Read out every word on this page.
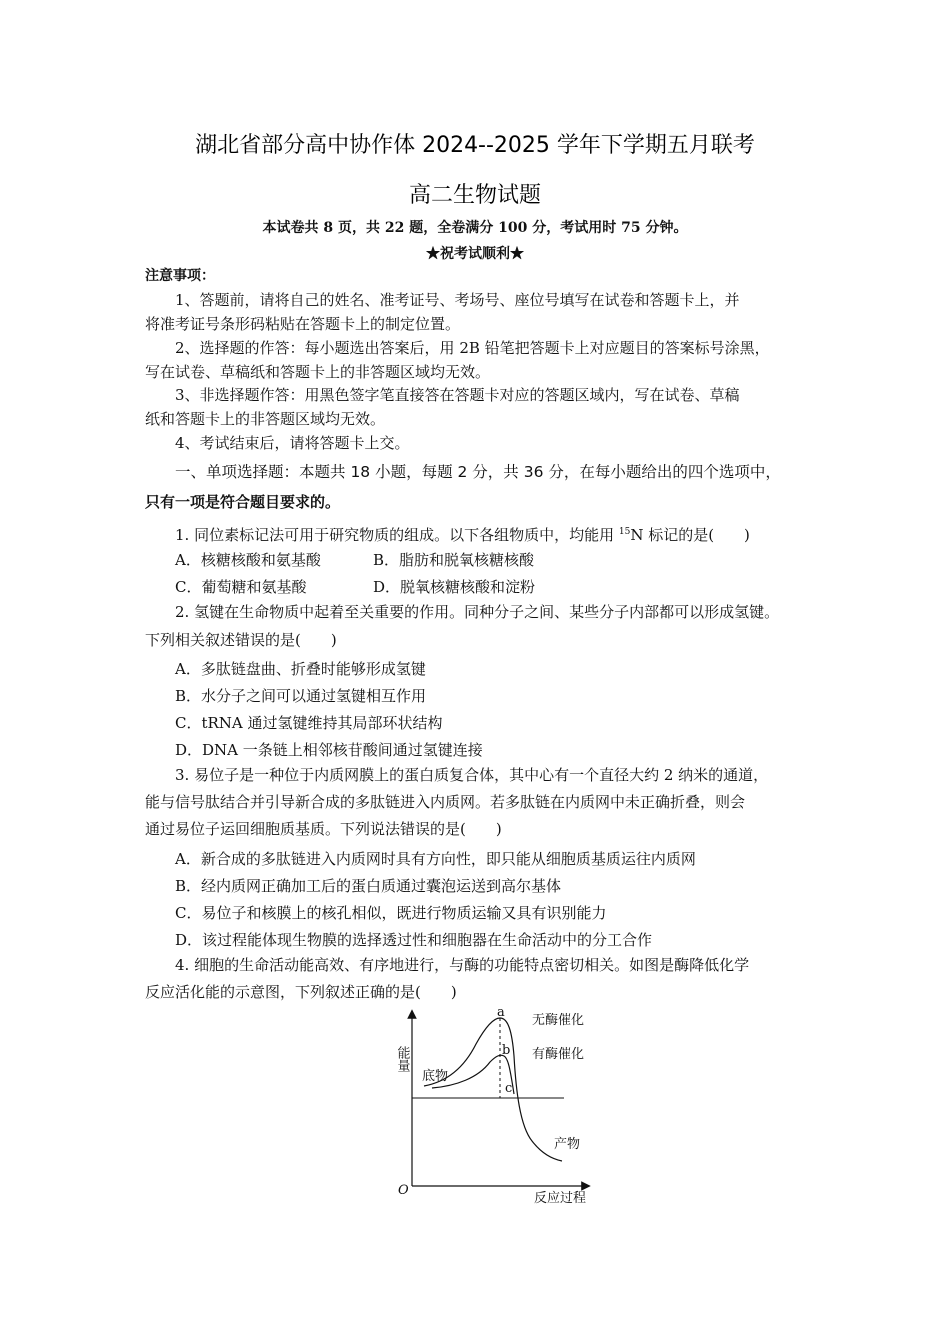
湖北省部分高中协作体 2024--2025 学年下学期五月联考
高二生物试题
本试卷共 8 页，共 22 题，全卷满分 100 分，考试用时 75 分钟。
★祝考试顺利★
注意事项：
1、答题前，请将自己的姓名、准考证号、考场号、座位号填写在试卷和答题卡上，并
将准考证号条形码粘贴在答题卡上的制定位置。
2、选择题的作答：每小题选出答案后，用 2B 铅笔把答题卡上对应题目的答案标号涂黑，
写在试卷、草稿纸和答题卡上的非答题区域均无效。
3、非选择题作答：用黑色签字笔直接答在答题卡对应的答题区域内，写在试卷、草稿
纸和答题卡上的非答题区域均无效。
4、考试结束后，请将答题卡上交。
一、单项选择题：本题共 18 小题，每题 2 分，共 36 分，在每小题给出的四个选项中，
只有一项是符合题目要求的。
1. 同位素标记法可用于研究物质的组成。以下各组物质中，均能用 $^{15}$N 标记的是(　　)
A．核糖核酸和氨基酸	B．脂肪和脱氧核糖核酸
C．葡萄糖和氨基酸	D．脱氧核糖核酸和淀粉
2. 氢键在生命物质中起着至关重要的作用。同种分子之间、某些分子内部都可以形成氢键。
下列相关叙述错误的是(　　)
A．多肽链盘曲、折叠时能够形成氢键
B．水分子之间可以通过氢键相互作用
C．tRNA 通过氢键维持其局部环状结构
D．DNA 一条链上相邻核苷酸间通过氢键连接
3. 易位子是一种位于内质网膜上的蛋白质复合体，其中心有一个直径大约 2 纳米的通道，
能与信号肽结合并引导新合成的多肽链进入内质网。若多肽链在内质网中未正确折叠，则会
通过易位子运回细胞质基质。下列说法错误的是(　　)
A．新合成的多肽链进入内质网时具有方向性，即只能从细胞质基质运往内质网
B．经内质网正确加工后的蛋白质通过囊泡运送到高尔基体
C．易位子和核膜上的核孔相似，既进行物质运输又具有识别能力
D．该过程能体现生物膜的选择透过性和细胞器在生命活动中的分工合作
4. 细胞的生命活动能高效、有序地进行，与酶的功能特点密切相关。如图是酶降低化学
反应活化能的示意图，下列叙述正确的是(　　)
能量
O
反应过程
a
b
c
无酶催化
有酶催化
底物
产物
